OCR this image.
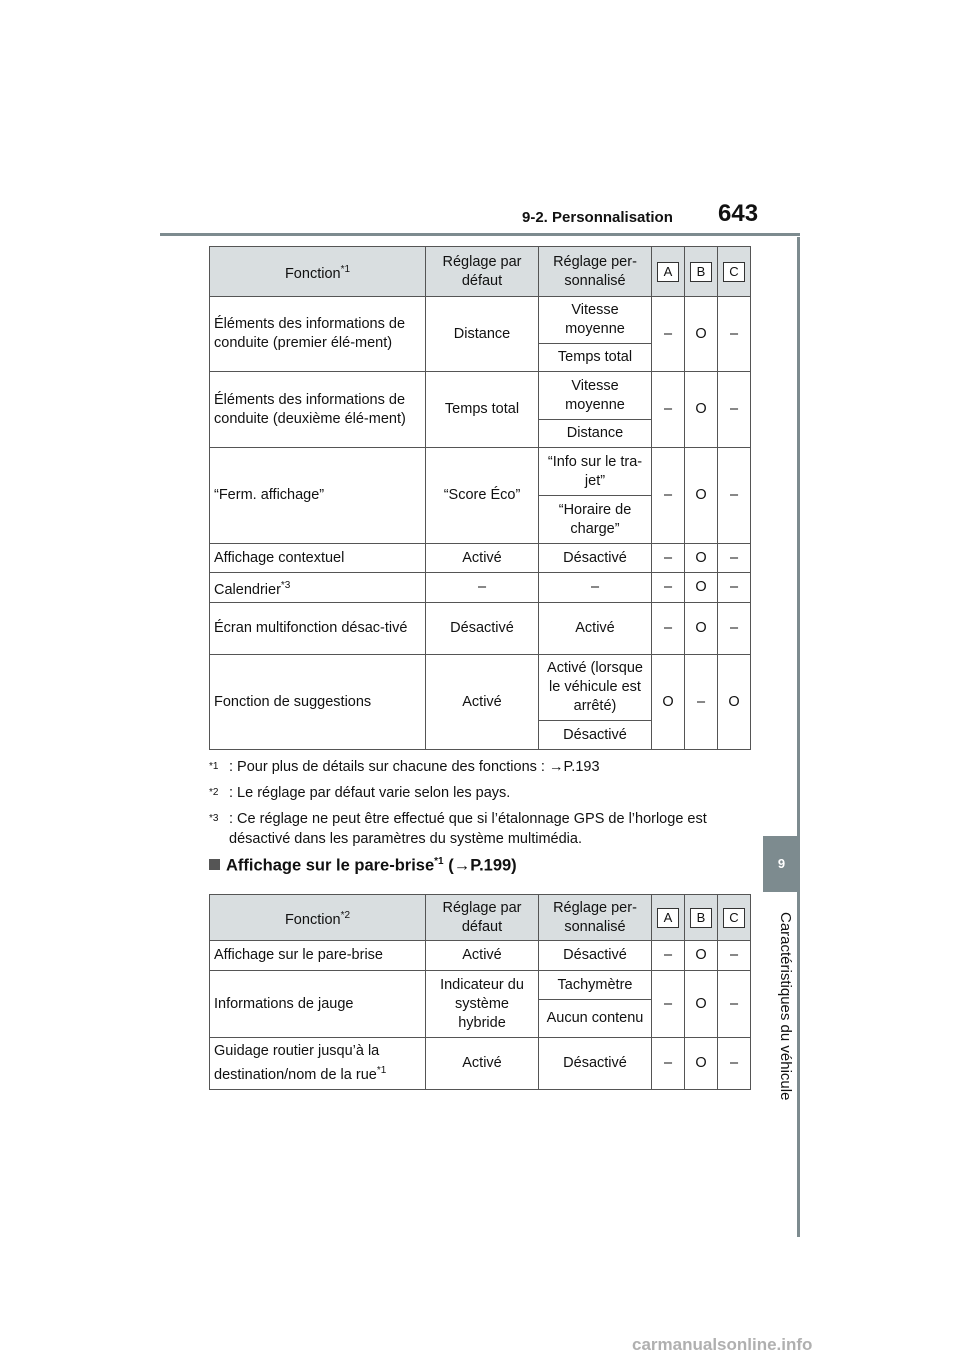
9-2. Personnalisation 643
9
Caractéristiques du véhicule
Fonction$^{*1}$	Réglage par défaut	Réglage per-sonnalisé	A	B	C
Éléments des informations de conduite (premier élé-ment)	Distance	Vitesse moyenne	–	O	–
		Temps total			
Éléments des informations de conduite (deuxième élé-ment)	Temps total	Vitesse moyenne	–	O	–
		Distance			
“Ferm. affichage”	“Score Éco”	“Info sur le tra-jet”	–	O	–
		“Horaire de charge”			
Affichage contextuel	Activé	Désactivé	–	O	–
Calendrier$^{*3}$	–	–	–	O	–
Écran multifonction désac-tivé	Désactivé	Activé	–	O	–
Fonction de suggestions	Activé	Activé (lorsque le véhicule est arrêté)	O	–	O
		Désactivé			
*1 : Pour plus de détails sur chacune des fonctions : →P.193
*2 : Le réglage par défaut varie selon les pays.
*3 : Ce réglage ne peut être effectué que si l’étalonnage GPS de l’horloge est désactivé dans les paramètres du système multimédia.
Affichage sur le pare-brise$^{*1}$ (→P.199)
Fonction$^{*2}$	Réglage par défaut	Réglage per-sonnalisé	A	B	C
Affichage sur le pare-brise	Activé	Désactivé	–	O	–
Informations de jauge	Indicateur du système hybride	Tachymètre	–	O	–
		Aucun contenu			
Guidage routier jusqu’à la destination/nom de la rue$^{*1}$	Activé	Désactivé	–	O	–
carmanualsonline.info
